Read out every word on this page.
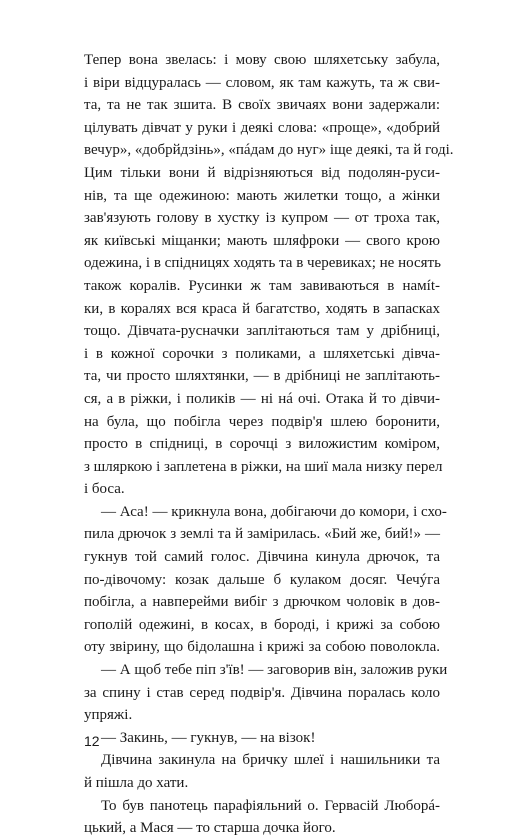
Тепер вона звелась: і мову свою шляхетську забула,
і віри відцуралась — словом, як там кажуть, та ж сви-
та, та не так зшита. В своїх звичаях вони задержали:
цілувать дівчат у руки і деякі слова: «проще», «добрий
вечур», «добрйдзінь», «пáдам до нуг» іще деякі, та й годі.
Цим тільки вони й відрізняються від подолян-руси-
нів, та ще одежиною: мають жилетки тощо, а жінки
зав'язують голову в хустку із купром — от троха так,
як київські міщанки; мають шляфроки — свого крою
одежина, і в спідницях ходять та в черевиках; не носять
також коралів. Русинки ж там завиваються в намít-
ки, в коралях вся краса й багатство, ходять в запасках
тощо. Дівчата-русначки заплітаються там у дрібниці,
і в кожної сорочки з поликами, а шляхетські дівча-
та, чи просто шляхтянки, — в дрібниці не заплітають-
ся, а в ріжки, і поликів — ні нá очі. Отака й то дівчи-
на була, що побігла через подвір'я шлею боронити,
просто в спідниці, в сорочці з виложистим коміром,
з шляркою і заплетена в ріжки, на шиї мала низку перел
і боса.
— Аса! — крикнула вона, добігаючи до комори, і схо-
пила дрючок з землі та й замірилась. «Бий же, бий!» —
гукнув той самий голос. Дівчина кинула дрючок, та
по-дівочому: козак дальше б кулаком досяг. Чечýга
побігла, а навперейми вибіг з дрючком чоловік в дов-
гополій одежині, в косах, в бороді, і крижі за собою
оту звірину, що бідолашна і крижі за собою поволокла.
— А щоб тебе піп з'їв! — заговорив він, заложив руки
за спину і став серед подвір'я. Дівчина поралась коло
упряжі.
— Закинь, — гукнув, — на візок!
Дівчина закинула на бричку шлеї і нашильники та
й пішла до хати.
То був панотець парафіяльний о. Гервасій Люборá-
цький, а Мася — то старша дочка його.
12
